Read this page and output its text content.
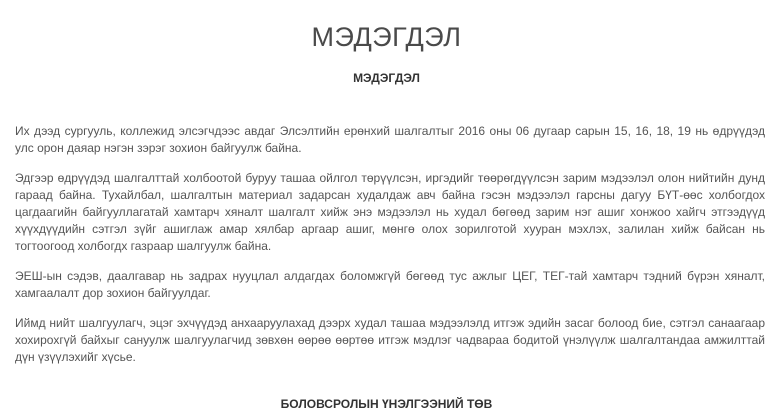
МЭДЭГДЭЛ
МЭДЭГДЭЛ

Их дээд сургууль, коллежид элсэгчдээс авдаг Элсэлтийн ерөнхий шалгалтыг 2016 оны 06 дугаар сарын 15, 16, 18, 19 нь өдрүүдэд улс орон даяар нэгэн зэрэг зохион байгуулж байна.

Эдгээр өдрүүдэд шалгалттай холбоотой буруу ташаа ойлгол төрүүлсэн, иргэдийг төөрөгдүүлсэн зарим мэдээлэл олон нийтийн дунд гараад байна. Тухайлбал, шалгалтын материал задарсан худалдаж авч байна гэсэн мэдээлэл гарсны дагуу БҮТ-өөс холбогдох цагдаагийн байгууллагатай хамтарч хяналт шалгалт хийж энэ мэдээлэл нь худал бөгөөд зарим нэг ашиг хонжоо хайгч этгээдүүд хүүхдүүдийн сэтгэл зүйг ашиглаж амар хялбар аргаар ашиг, мөнгө олох зорилготой хууран мэхлэх, залилан хийж байсан нь тогтоогоод холбогдх газраар шалгуулж байна.

ЭЕШ-ын сэдэв, даалгавар нь задрах нууцлал алдагдах боломжгүй бөгөөд тус ажлыг ЦЕГ, ТЕГ-тай хамтарч тэдний бүрэн хяналт, хамгаалалт дор зохион байгуулдаг.

Иймд нийт шалгуулагч, эцэг эхчүүдэд анхааруулахад дээрх худал ташаа мэдээлэлд итгэж эдийн засаг болоод бие, сэтгэл санаагаар хохирохгүй байхыг сануулж шалгуулагчид зөвхөн өөрөө өөртөө итгэж мэдлэг чадвараа бодитой үнэлүүлж шалгалтандаа амжилттай дүн үзүүлэхийг хүсье.

БОЛОВСРОЛЫН ҮНЭЛГЭЭНИЙ ТӨВ
